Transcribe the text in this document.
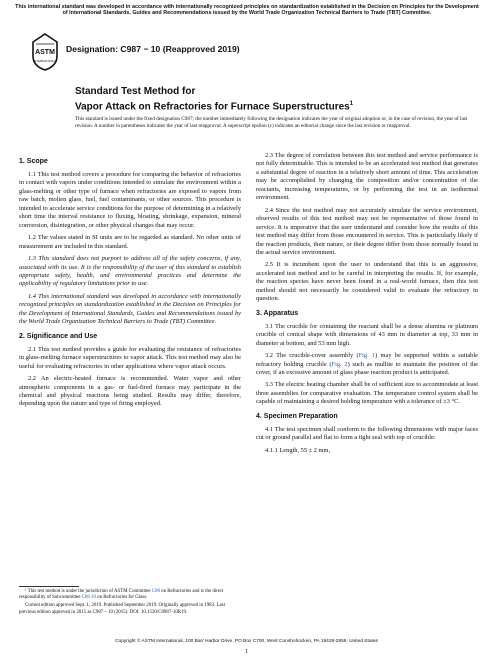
This international standard was developed in accordance with internationally recognized principles on standardization established in the Decision on Principles for the Development of International Standards, Guides and Recommendations issued by the World Trade Organization Technical Barriers to Trade (TBT) Committee.
ASTM
INTERNATIONAL
Designation: C987 − 10 (Reapproved 2019)
Standard Test Method for
Vapor Attack on Refractories for Furnace Superstructures$^1$
This standard is issued under the fixed designation C987; the number immediately following the designation indicates the year of original adoption or, in the case of revision, the year of last revision. A number in parentheses indicates the year of last reapproval. A superscript epsilon (ε) indicates an editorial change since the last revision or reapproval.
1. Scope

1.1 This test method covers a procedure for comparing the behavior of refractories in contact with vapors under conditions intended to simulate the environment within a glass-melting or other type of furnace when refractories are exposed to vapors from raw batch, molten glass, fuel, fuel contaminants, or other sources. This procedure is intended to accelerate service conditions for the purpose of determining in a relatively short time the interval resistance to fluxing, bloating, shrinkage, expansion, mineral conversion, disintegration, or other physical changes that may occur.

1.2 The values stated in SI units are to be regarded as standard. No other units of measurement are included in this standard.

1.3 This standard does not purport to address all of the safety concerns, if any, associated with its use. It is the responsibility of the user of this standard to establish appropriate safety, health, and environmental practices and determine the applicability of regulatory limitations prior to use.

1.4 This international standard was developed in accordance with internationally recognized principles on standardization established in the Decision on Principles for the Development of International Standards, Guides and Recommendations issued by the World Trade Organization Technical Barriers to Trade (TBT) Committee.

2. Significance and Use

2.1 This test method provides a guide for evaluating the resistance of refractories in glass-melting furnace superstructures to vapor attack. This test method may also be useful for evaluating refractories in other applications where vapor attack occurs.

2.2 An electric-heated furnace is recommended. Water vapor and other atmospheric components in a gas- or fuel-fired furnace may participate in the chemical and physical reactions being studied. Results may differ, therefore, depending upon the nature and type of firing employed.

¹ This test method is under the jurisdiction of ASTM Committee C08 on Refractories and is the direct responsibility of Subcommittee C08.10 on Refractories for Glass.

Current edition approved Sept. 1, 2019. Published September 2019. Originally approved in 1983. Last previous edition approved in 2015 as C987 – 10 (2015). DOI: 10.1520/C0987-10R19.

2.3 The degree of correlation between this test method and service performance is not fully determinable. This is intended to be an accelerated test method that generates a substantial degree of reaction in a relatively short amount of time. This acceleration may be accomplished by changing the composition and/or concentration of the reactants, increasing temperatures, or by performing the test in an isothermal environment.

2.4 Since the test method may not accurately simulate the service environment, observed results of this test method may not be representative of those found in service. It is imperative that the user understand and consider how the results of this test method may differ from those encountered in service. This is particularly likely if the reaction products, their nature, or their degree differ from those normally found in the actual service environment.

2.5 It is incumbent upon the user to understand that this is an aggressive, accelerated test method and to be careful in interpreting the results. If, for example, the reaction species have never been found in a real-world furnace, then this test method should not necessarily be considered valid to evaluate the refractory in question.

3. Apparatus

3.1 The crucible for containing the reactant shall be a dense alumina or platinum crucible of conical shape with dimensions of 43 mm in diameter at top, 33 mm in diameter at bottom, and 53 mm high.

3.2 The crucible-cover assembly (Fig. 1) may be supported within a suitable refractory holding crucible (Fig. 2) such as mullite to maintain the position of the cover, if an excessive amount of glass phase reaction product is anticipated.

3.3 The electric heating chamber shall be of sufficient size to accommodate at least three assemblies for comparative evaluation. The temperature control system shall be capable of maintaining a desired holding temperature with a tolerance of ±3 °C.

4. Specimen Preparation

4.1 The test specimen shall conform to the following dimensions with major faces cut or ground parallel and flat to form a tight seal with top of crucible:

4.1.1 Length, 55 ± 2 mm,

Copyright © ASTM International, 100 Barr Harbor Drive, PO Box C700, West Conshohocken, PA 19428-2959. United States
1
